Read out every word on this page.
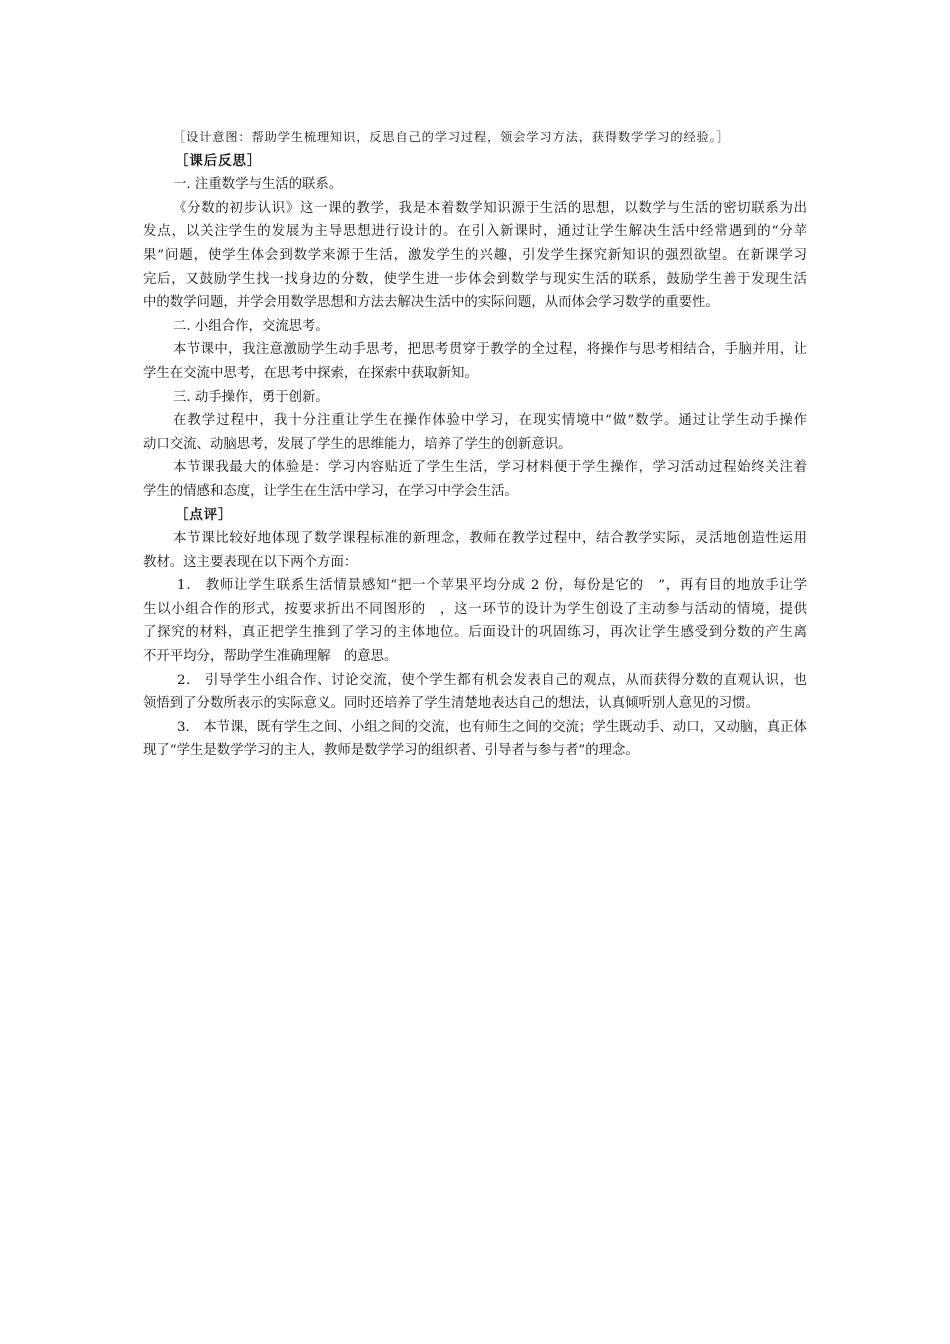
［设计意图：帮助学生梳理知识，反思自己的学习过程，领会学习方法，获得数学学习的经验。］
［课后反思］
一. 注重数学与生活的联系。
《分数的初步认识》这一课的教学，我是本着数学知识源于生活的思想，以数学与生活的密切联系为出
发点，以关注学生的发展为主导思想进行设计的。在引入新课时，通过让学生解决生活中经常遇到的“分苹
果”问题，使学生体会到数学来源于生活，激发学生的兴趣，引发学生探究新知识的强烈欲望。在新课学习
完后，又鼓励学生找一找身边的分数，使学生进一步体会到数学与现实生活的联系，鼓励学生善于发现生活
中的数学问题，并学会用数学思想和方法去解决生活中的实际问题，从而体会学习数学的重要性。
二. 小组合作，交流思考。
本节课中，我注意激励学生动手思考，把思考贯穿于教学的全过程，将操作与思考相结合，手脑并用，让
学生在交流中思考，在思考中探索，在探索中获取新知。
三. 动手操作，勇于创新。
在教学过程中，我十分注重让学生在操作体验中学习，在现实情境中“做”数学。通过让学生动手操作
动口交流、动脑思考，发展了学生的思维能力，培养了学生的创新意识。
本节课我最大的体验是：学习内容贴近了学生生活，学习材料便于学生操作，学习活动过程始终关注着
学生的情感和态度，让学生在生活中学习，在学习中学会生活。
［点评］
本节课比较好地体现了数学课程标准的新理念，教师在教学过程中，结合教学实际，灵活地创造性运用
教材。这主要表现在以下两个方面：
1． 教师让学生联系生活情景感知“把一个苹果平均分成 2 份，每份是它的　”，再有目的地放手让学
生以小组合作的形式，按要求折出不同图形的　，这一环节的设计为学生创设了主动参与活动的情境，提供
了探究的材料，真正把学生推到了学习的主体地位。后面设计的巩固练习，再次让学生感受到分数的产生离
不开平均分，帮助学生准确理解　的意思。
2． 引导学生小组合作、讨论交流，使个学生都有机会发表自己的观点，从而获得分数的直观认识，也
领悟到了分数所表示的实际意义。同时还培养了学生清楚地表达自己的想法，认真倾听别人意见的习惯。
3． 本节课，既有学生之间、小组之间的交流，也有师生之间的交流；学生既动手、动口，又动脑，真正体
现了“学生是数学学习的主人，教师是数学学习的组织者、引导者与参与者”的理念。
